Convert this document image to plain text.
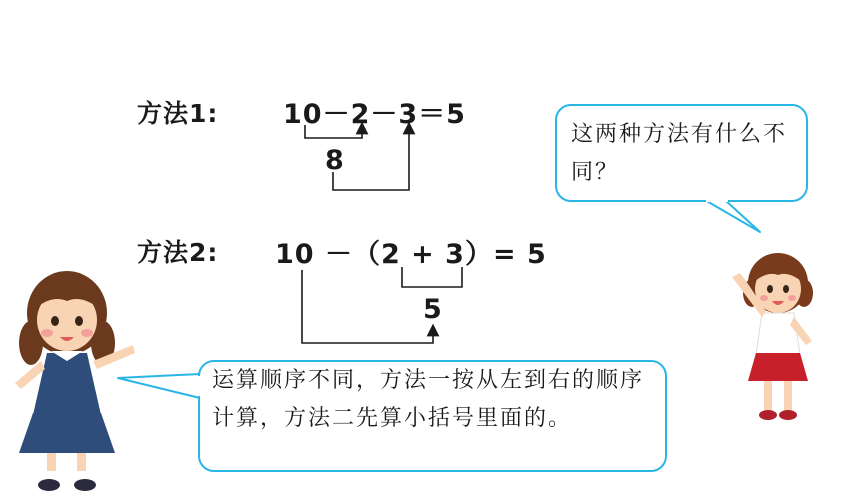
方法1: 10－2－3＝5
8
方法2: 10 －（2 + 3）= 5
5
这两种方法有什么不同？
运算顺序不同，方法一按从左到右的顺序计算，方法二先算小括号里面的。
